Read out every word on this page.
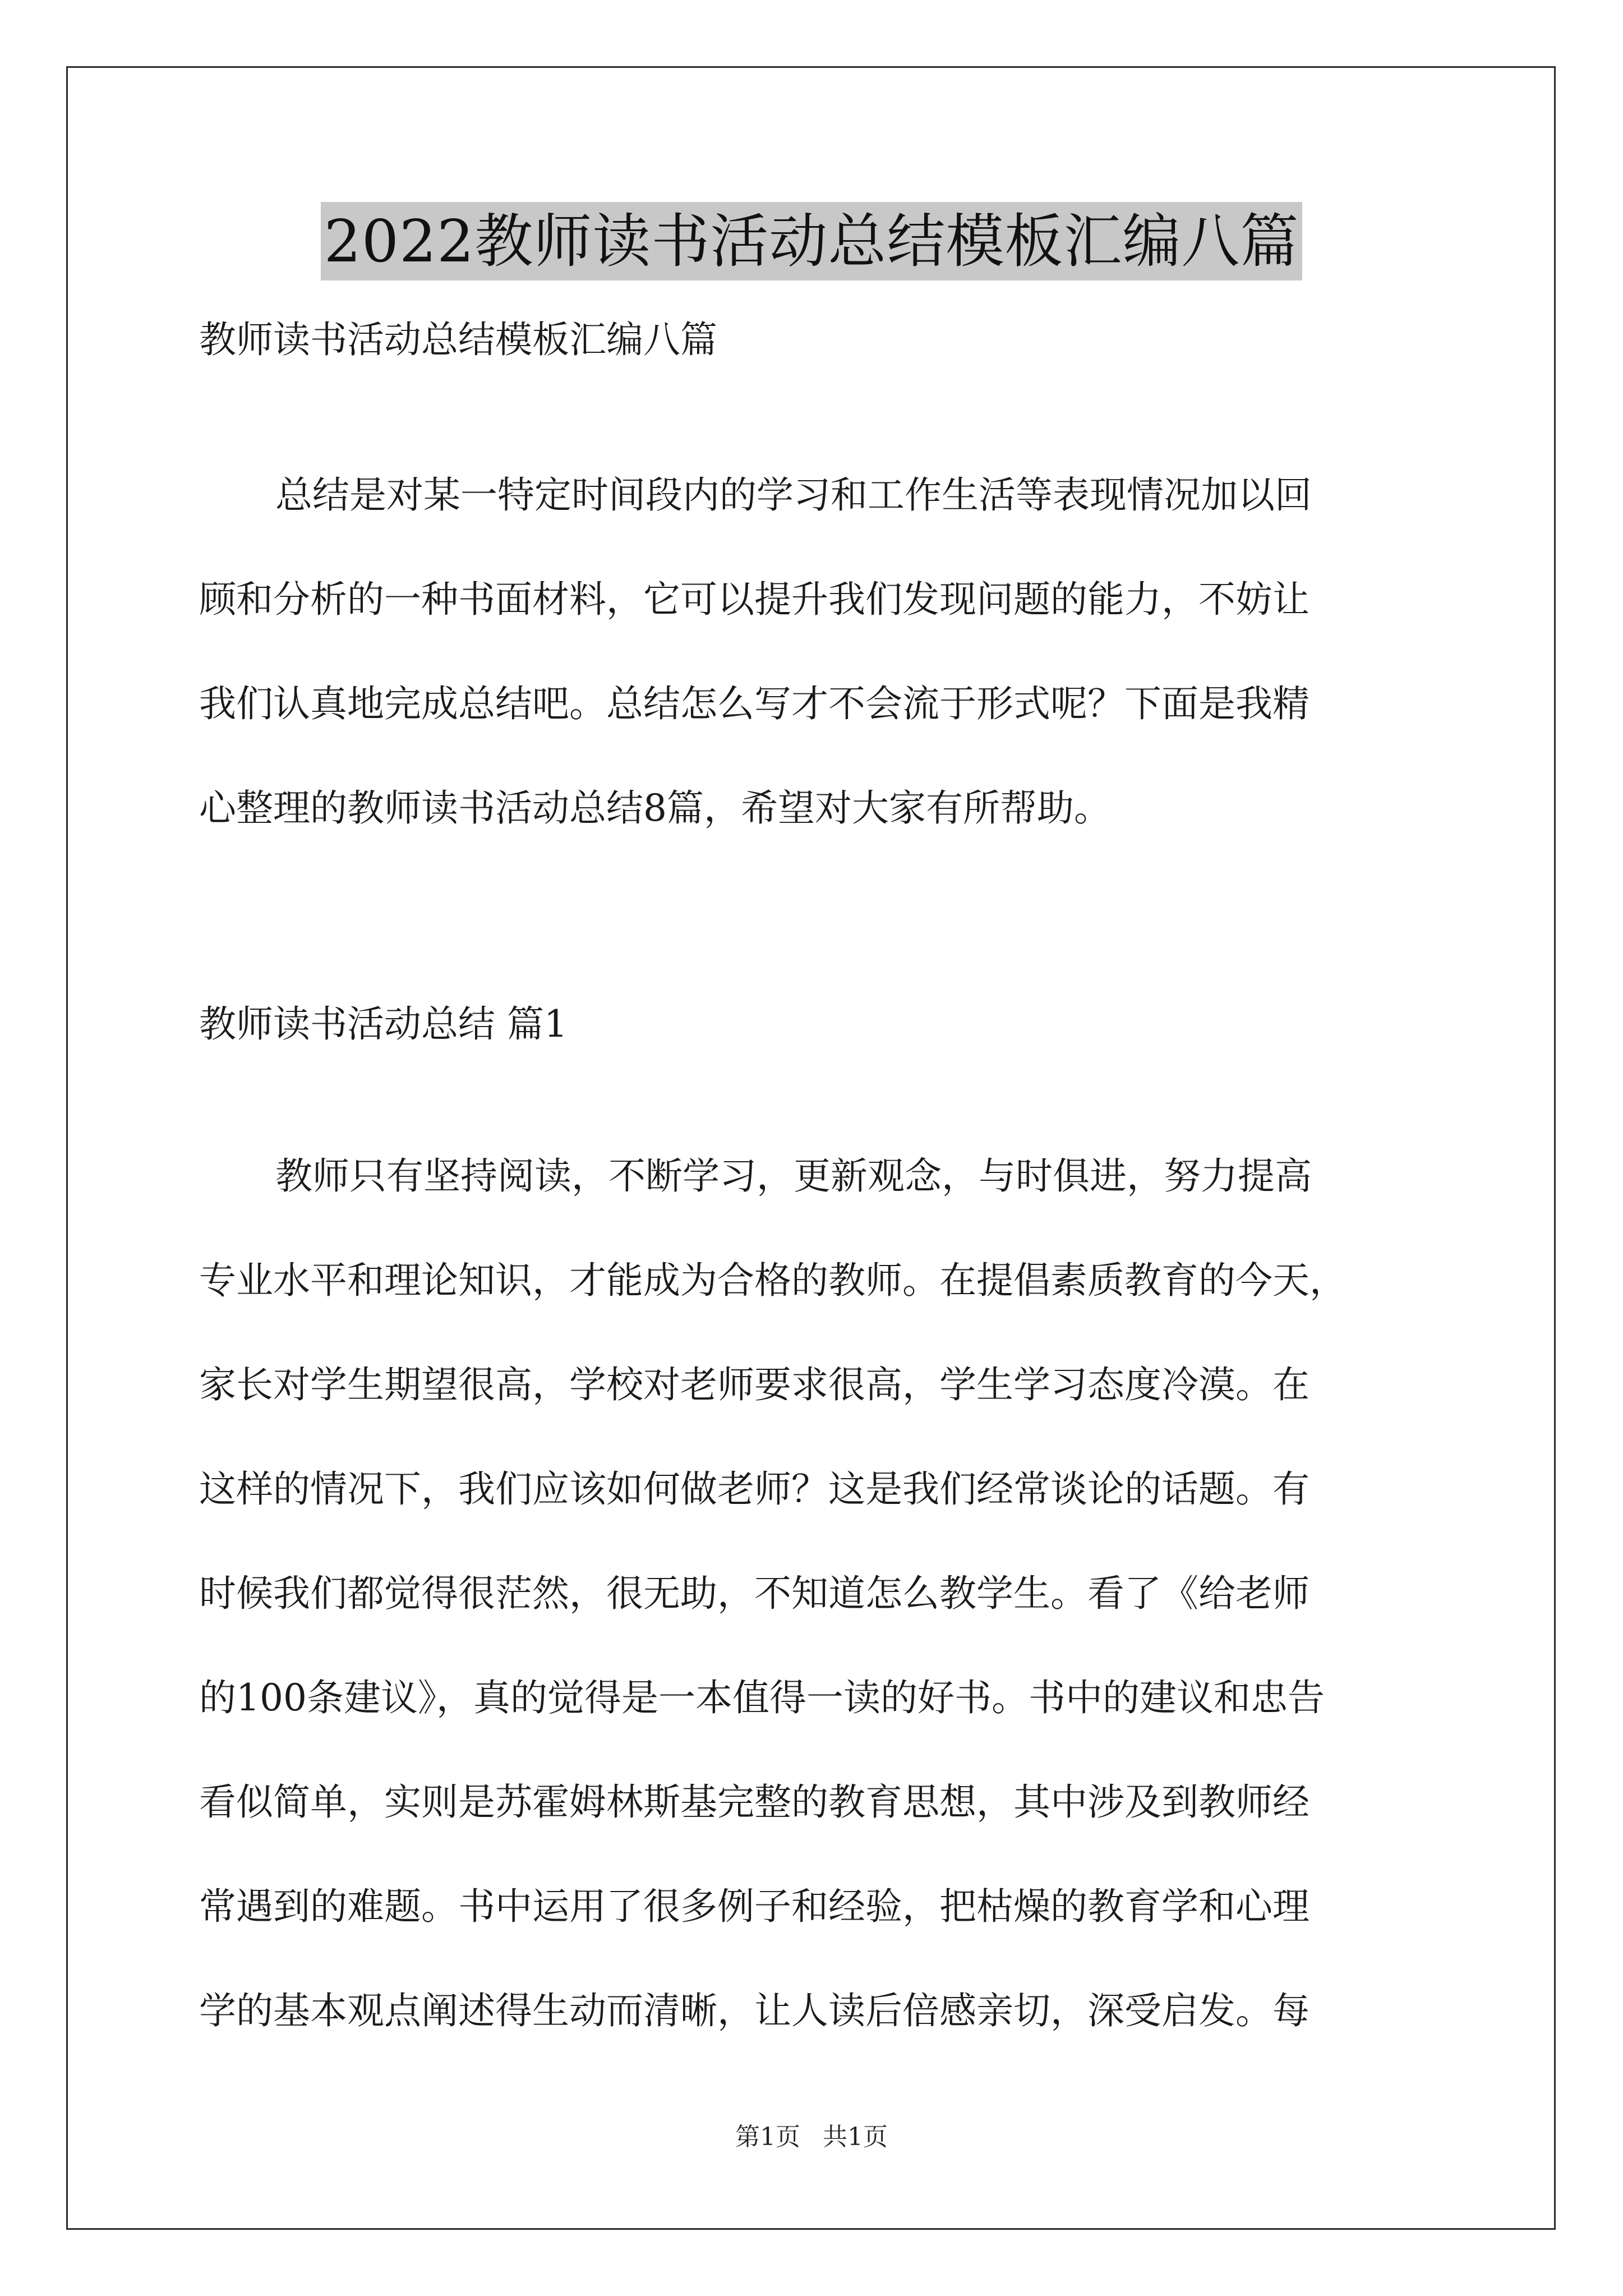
2022教师读书活动总结模板汇编八篇

教师读书活动总结模板汇编八篇

总结是对某一特定时间段内的学习和工作生活等表现情况加以回
顾和分析的一种书面材料，它可以提升我们发现问题的能力，不妨让
我们认真地完成总结吧。总结怎么写才不会流于形式呢？下面是我精
心整理的教师读书活动总结8篇，希望对大家有所帮助。

教师读书活动总结 篇1

教师只有坚持阅读，不断学习，更新观念，与时俱进，努力提高
专业水平和理论知识，才能成为合格的教师。在提倡素质教育的今天，
家长对学生期望很高，学校对老师要求很高，学生学习态度冷漠。在
这样的情况下，我们应该如何做老师？这是我们经常谈论的话题。有
时候我们都觉得很茫然，很无助，不知道怎么教学生。看了《给老师
的100条建议》，真的觉得是一本值得一读的好书。书中的建议和忠告
看似简单，实则是苏霍姆林斯基完整的教育思想，其中涉及到教师经
常遇到的难题。书中运用了很多例子和经验，把枯燥的教育学和心理
学的基本观点阐述得生动而清晰，让人读后倍感亲切，深受启发。每
第1页 共1页
